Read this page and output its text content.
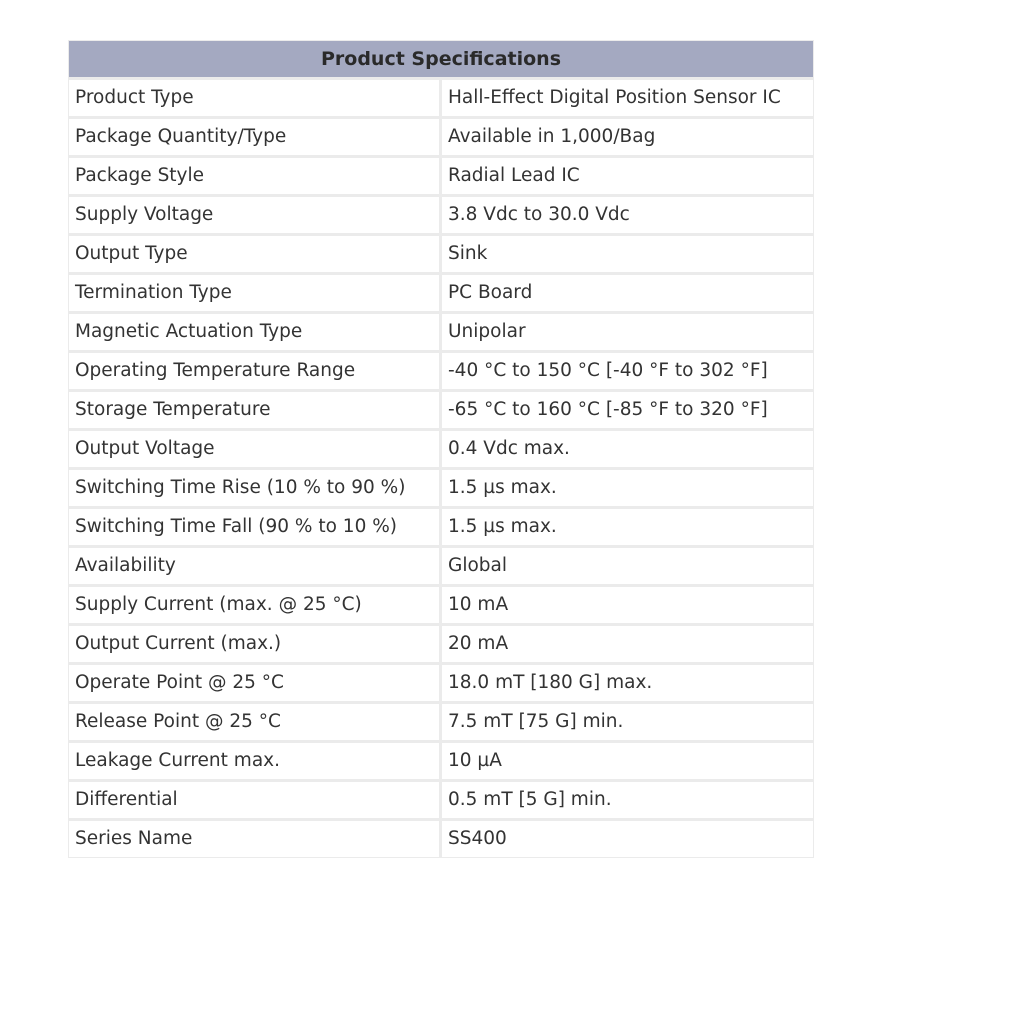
Product Specifications
Product Type	Hall-Effect Digital Position Sensor IC
Package Quantity/Type	Available in 1,000/Bag
Package Style	Radial Lead IC
Supply Voltage	3.8 Vdc to 30.0 Vdc
Output Type	Sink
Termination Type	PC Board
Magnetic Actuation Type	Unipolar
Operating Temperature Range	-40 °C to 150 °C [-40 °F to 302 °F]
Storage Temperature	-65 °C to 160 °C [-85 °F to 320 °F]
Output Voltage	0.4 Vdc max.
Switching Time Rise (10 % to 90 %)	1.5 µs max.
Switching Time Fall (90 % to 10 %)	1.5 µs max.
Availability	Global
Supply Current (max. @ 25 °C)	10 mA
Output Current (max.)	20 mA
Operate Point @ 25 °C	18.0 mT [180 G] max.
Release Point @ 25 °C	7.5 mT [75 G] min.
Leakage Current max.	10 µA
Differential	0.5 mT [5 G] min.
Series Name	SS400
